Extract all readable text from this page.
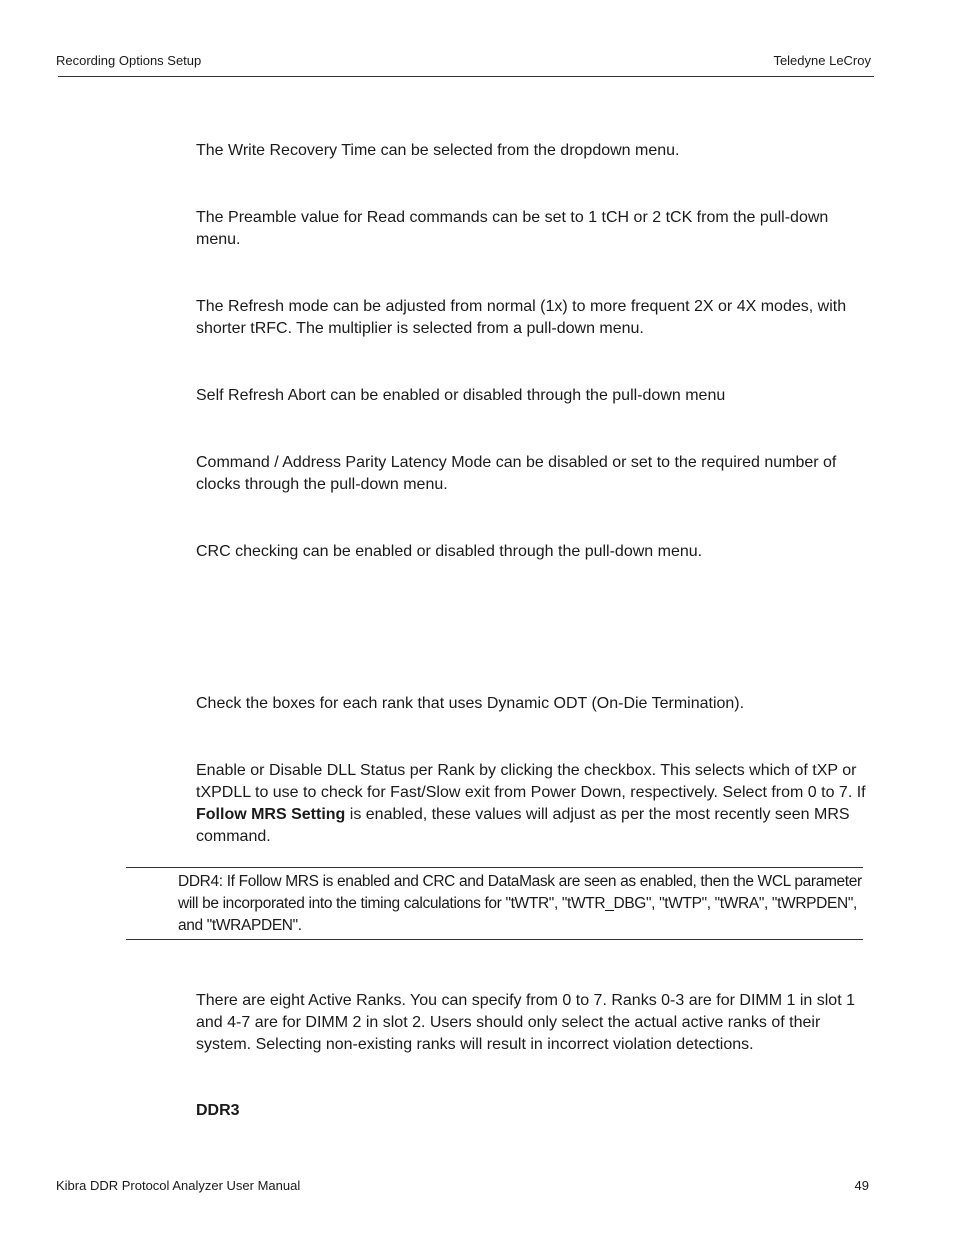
Recording Options Setup	Teledyne LeCroy

The Write Recovery Time can be selected from the dropdown menu.

The Preamble value for Read commands can be set to 1 tCH or 2 tCK from the pull-down menu.

The Refresh mode can be adjusted from normal (1x) to more frequent 2X or 4X modes, with shorter tRFC. The multiplier is selected from a pull-down menu.

Self Refresh Abort can be enabled or disabled through the pull-down menu

Command / Address Parity Latency Mode can be disabled or set to the required number of clocks through the pull-down menu.

CRC checking can be enabled or disabled through the pull-down menu.

Check the boxes for each rank that uses Dynamic ODT (On-Die Termination).

Enable or Disable DLL Status per Rank by clicking the checkbox. This selects which of tXP or tXPDLL to use to check for Fast/Slow exit from Power Down, respectively. Select from 0 to 7. If Follow MRS Setting is enabled, these values will adjust as per the most recently seen MRS command.

DDR4: If Follow MRS is enabled and CRC and DataMask are seen as enabled, then the WCL parameter will be incorporated into the timing calculations for "tWTR", "tWTR_DBG", "tWTP", "tWRA", "tWRPDEN", and "tWRAPDEN".

There are eight Active Ranks. You can specify from 0 to 7. Ranks 0-3 are for DIMM 1 in slot 1 and 4-7 are for DIMM 2 in slot 2. Users should only select the actual active ranks of their system. Selecting non-existing ranks will result in incorrect violation detections.

DDR3
Kibra DDR Protocol Analyzer User Manual	49
